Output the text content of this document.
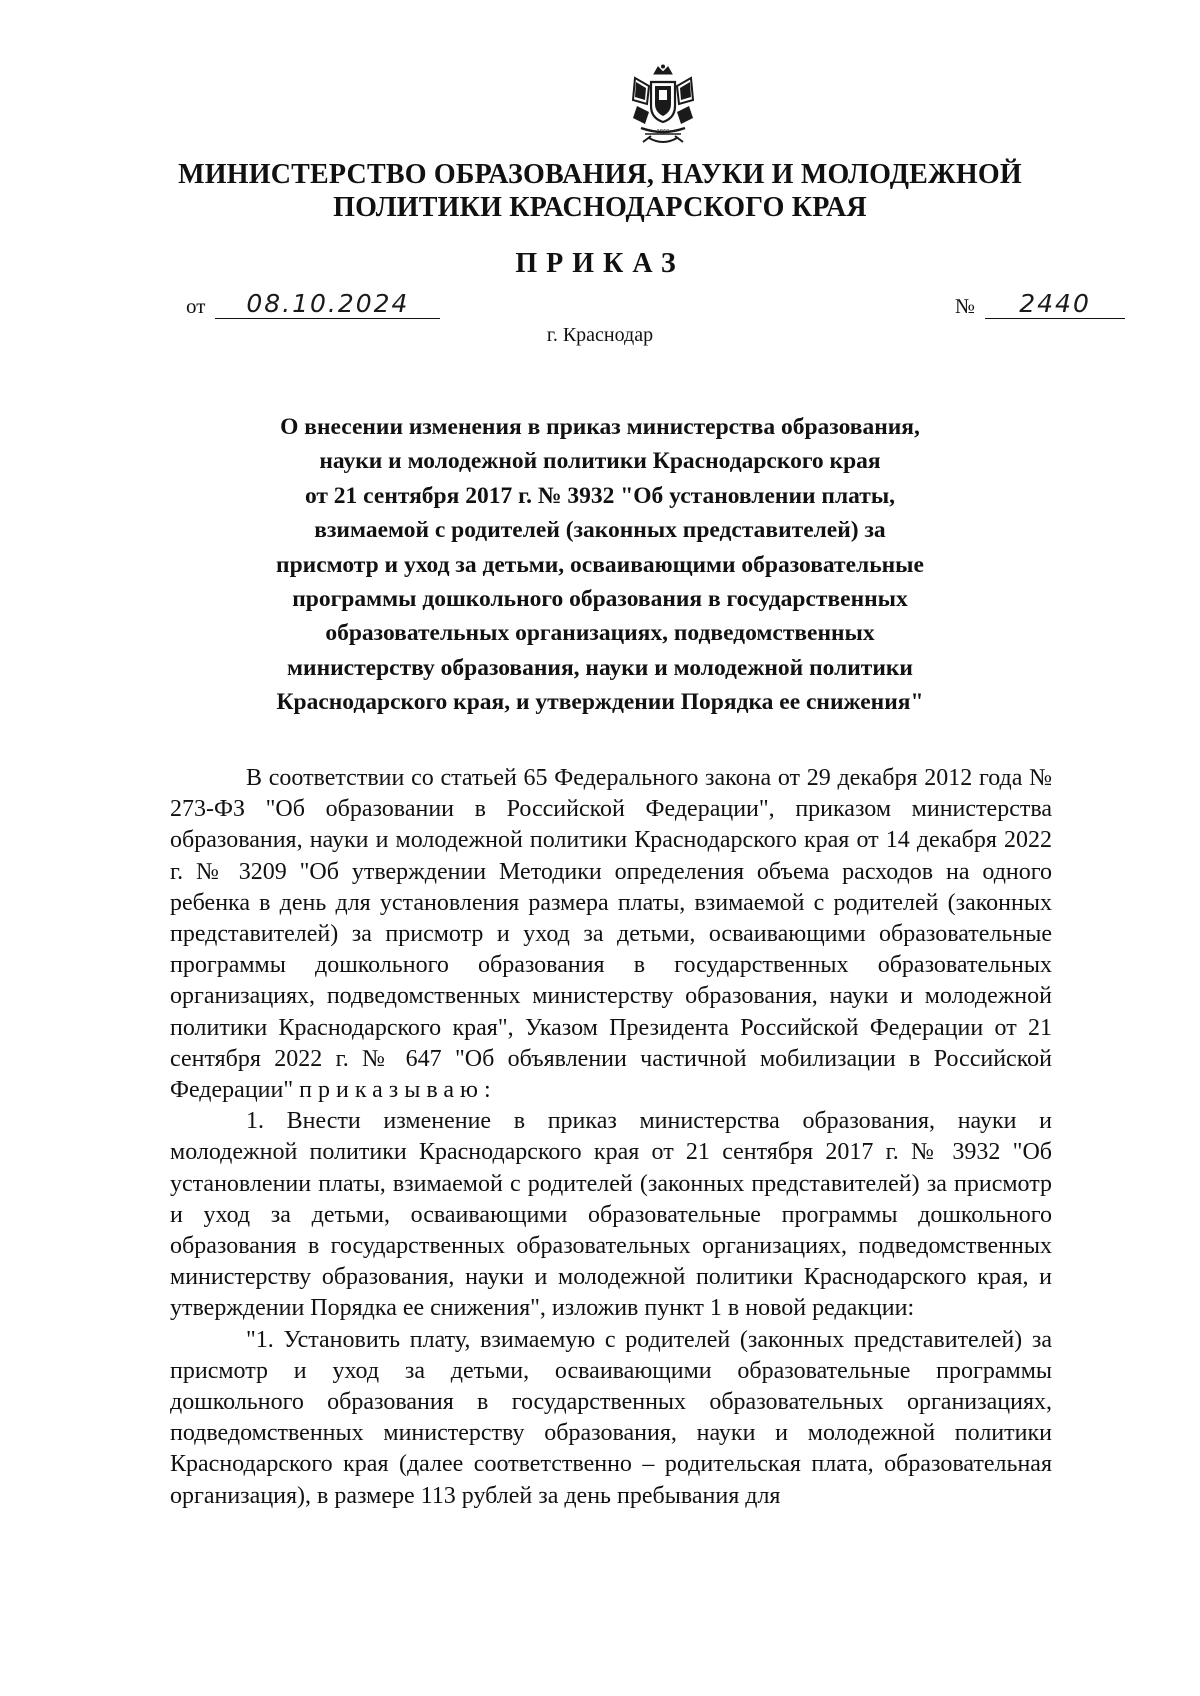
1860
МИНИСТЕРСТВО ОБРАЗОВАНИЯ, НАУКИ И МОЛОДЕЖНОЙ
ПОЛИТИКИ КРАСНОДАРСКОГО КРАЯ
ПРИКАЗ
от	08.10.2024	№	2440
г. Краснодар
О внесении изменения в приказ министерства образования,
науки и молодежной политики Краснодарского края
от 21 сентября 2017 г. № 3932 "Об установлении платы,
взимаемой с родителей (законных представителей) за
присмотр и уход за детьми, осваивающими образовательные
программы дошкольного образования в государственных
образовательных организациях, подведомственных
министерству образования, науки и молодежной политики
Краснодарского края, и утверждении Порядка ее снижения"

В соответствии со статьей 65 Федерального закона от 29 декабря 2012 года № 273-ФЗ "Об образовании в Российской Федерации", приказом министерства образования, науки и молодежной политики Краснодарского края от 14 декабря 2022 г. № 3209 "Об утверждении Методики определения объема расходов на одного ребенка в день для установления размера платы, взимаемой с родителей (законных представителей) за присмотр и уход за детьми, осваивающими образовательные программы дошкольного образования в государственных образовательных организациях, подведомственных министерству образования, науки и молодежной политики Краснодарского края", Указом Президента Российской Федерации от 21 сентября 2022 г. № 647 "Об объявлении частичной мобилизации в Российской Федерации" приказываю:

1. Внести изменение в приказ министерства образования, науки и молодежной политики Краснодарского края от 21 сентября 2017 г. № 3932 "Об установлении платы, взимаемой с родителей (законных представителей) за присмотр и уход за детьми, осваивающими образовательные программы дошкольного образования в государственных образовательных организациях, подведомственных министерству образования, науки и молодежной политики Краснодарского края, и утверждении Порядка ее снижения", изложив пункт 1 в новой редакции:

"1. Установить плату, взимаемую с родителей (законных представителей) за присмотр и уход за детьми, осваивающими образовательные программы дошкольного образования в государственных образовательных организациях, подведомственных министерству образования, науки и молодежной политики Краснодарского края (далее соответственно – родительская плата, образовательная организация), в размере 113 рублей за день пребывания для
